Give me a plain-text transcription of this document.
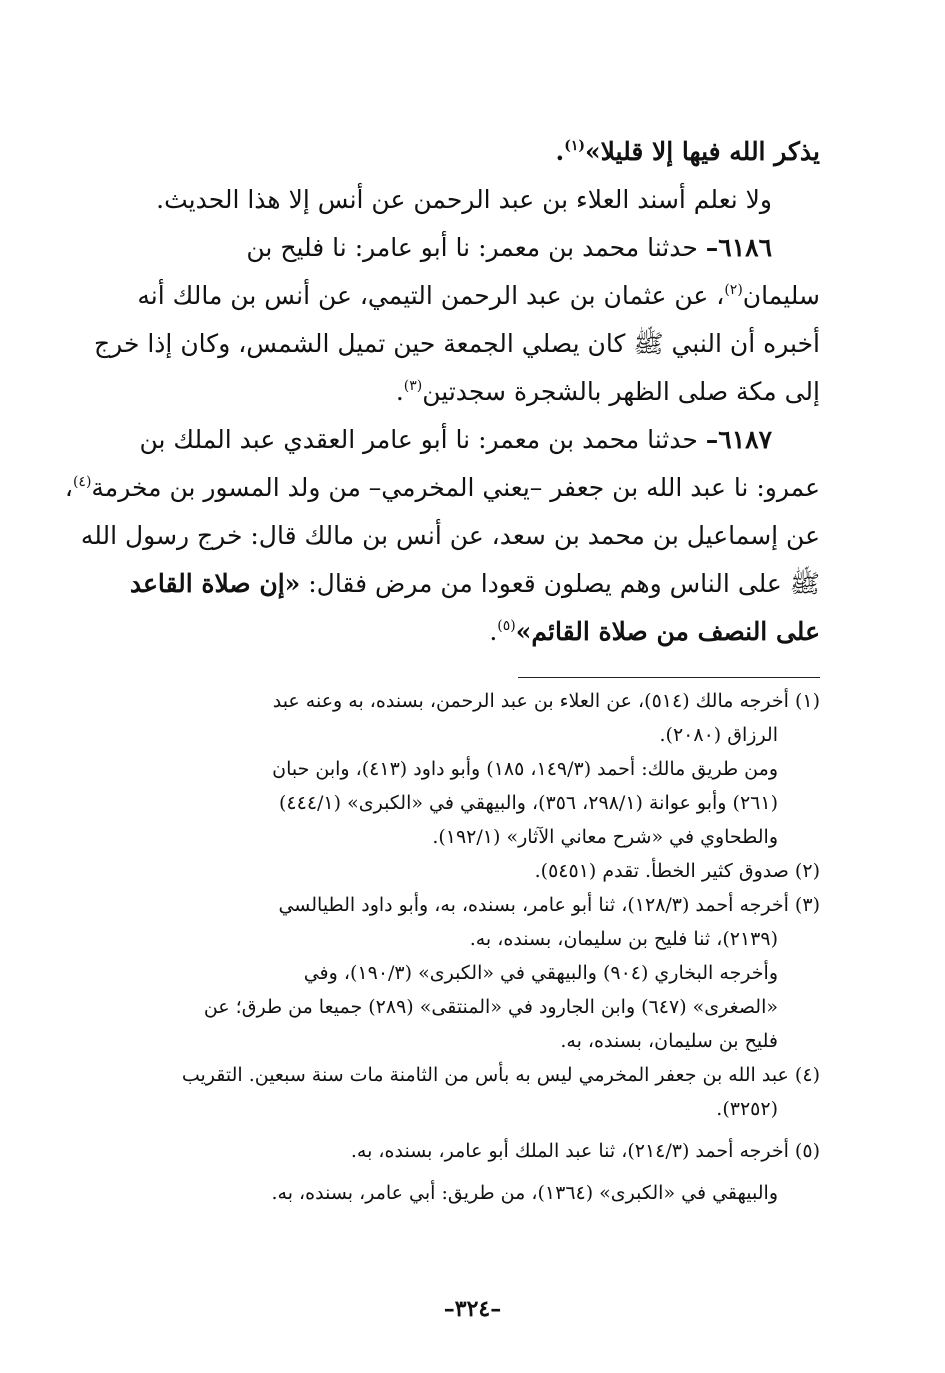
يذكر الله فيها إلا قليلا»$^{(١)}$.
ولا نعلم أسند العلاء بن عبد الرحمن عن أنس إلا هذا الحديث.
٦١٨٦– حدثنا محمد بن معمر: نا أبو عامر: نا فليح بن
سليمان$^{(٢)}$، عن عثمان بن عبد الرحمن التيمي، عن أنس بن مالك أنه
أخبره أن النبي ﷺ كان يصلي الجمعة حين تميل الشمس، وكان إذا خرج
إلى مكة صلى الظهر بالشجرة سجدتين$^{(٣)}$.
٦١٨٧– حدثنا محمد بن معمر: نا أبو عامر العقدي عبد الملك بن
عمرو: نا عبد الله بن جعفر –يعني المخرمي– من ولد المسور بن مخرمة$^{(٤)}$،
عن إسماعيل بن محمد بن سعد، عن أنس بن مالك قال: خرج رسول الله
ﷺ على الناس وهم يصلون قعودا من مرض فقال: «إن صلاة القاعد
على النصف من صلاة القائم»$^{(٥)}$.
(١) أخرجه مالك (٥١٤)، عن العلاء بن عبد الرحمن، بسنده، به وعنه عبد
الرزاق (٢٠٨٠).
ومن طريق مالك: أحمد (١٤٩/٣، ١٨٥) وأبو داود (٤١٣)، وابن حبان
(٢٦١) وأبو عوانة (٢٩٨/١، ٣٥٦)، والبيهقي في «الكبرى» (٤٤٤/١)
والطحاوي في «شرح معاني الآثار» (١٩٢/١).
(٢) صدوق كثير الخطأ. تقدم (٥٤٥١).
(٣) أخرجه أحمد (١٢٨/٣)، ثنا أبو عامر، بسنده، به، وأبو داود الطيالسي
(٢١٣٩)، ثنا فليح بن سليمان، بسنده، به.
وأخرجه البخاري (٩٠٤) والبيهقي في «الكبرى» (١٩٠/٣)، وفي
«الصغرى» (٦٤٧) وابن الجارود في «المنتقى» (٢٨٩) جميعا من طرق؛ عن
فليح بن سليمان، بسنده، به.
(٤) عبد الله بن جعفر المخرمي ليس به بأس من الثامنة مات سنة سبعين. التقريب
(٣٢٥٢).
(٥) أخرجه أحمد (٢١٤/٣)، ثنا عبد الملك أبو عامر، بسنده، به.
والبيهقي في «الكبرى» (١٣٦٤)، من طريق: أبي عامر، بسنده، به.
–٣٢٤–
